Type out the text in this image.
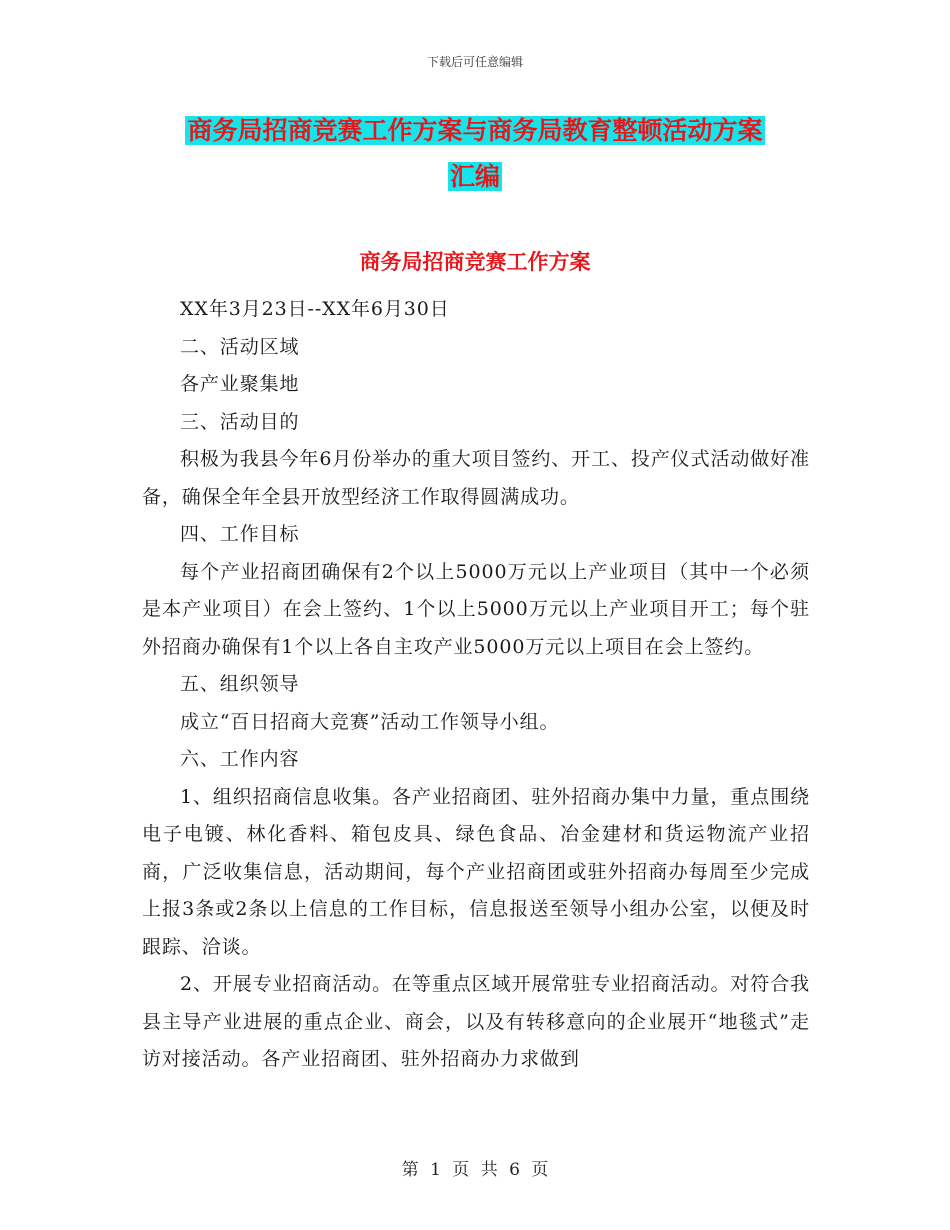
下载后可任意编辑
商务局招商竞赛工作方案与商务局教育整顿活动方案
汇编
商务局招商竞赛工作方案

XX年3月23日--XX年6月30日

二、活动区域

各产业聚集地

三、活动目的

积极为我县今年6月份举办的重大项目签约、开工、投产仪式活动做好准备，确保全年全县开放型经济工作取得圆满成功。

四、工作目标

每个产业招商团确保有2个以上5000万元以上产业项目（其中一个必须是本产业项目）在会上签约、1个以上5000万元以上产业项目开工；每个驻外招商办确保有1个以上各自主攻产业5000万元以上项目在会上签约。

五、组织领导

成立“百日招商大竞赛”活动工作领导小组。

六、工作内容

1、组织招商信息收集。各产业招商团、驻外招商办集中力量，重点围绕电子电镀、林化香料、箱包皮具、绿色食品、冶金建材和货运物流产业招商，广泛收集信息，活动期间，每个产业招商团或驻外招商办每周至少完成上报3条或2条以上信息的工作目标，信息报送至领导小组办公室，以便及时跟踪、洽谈。

2、开展专业招商活动。在等重点区域开展常驻专业招商活动。对符合我县主导产业进展的重点企业、商会，以及有转移意向的企业展开“地毯式”走访对接活动。各产业招商团、驻外招商办力求做到

第 1 页 共 6 页
